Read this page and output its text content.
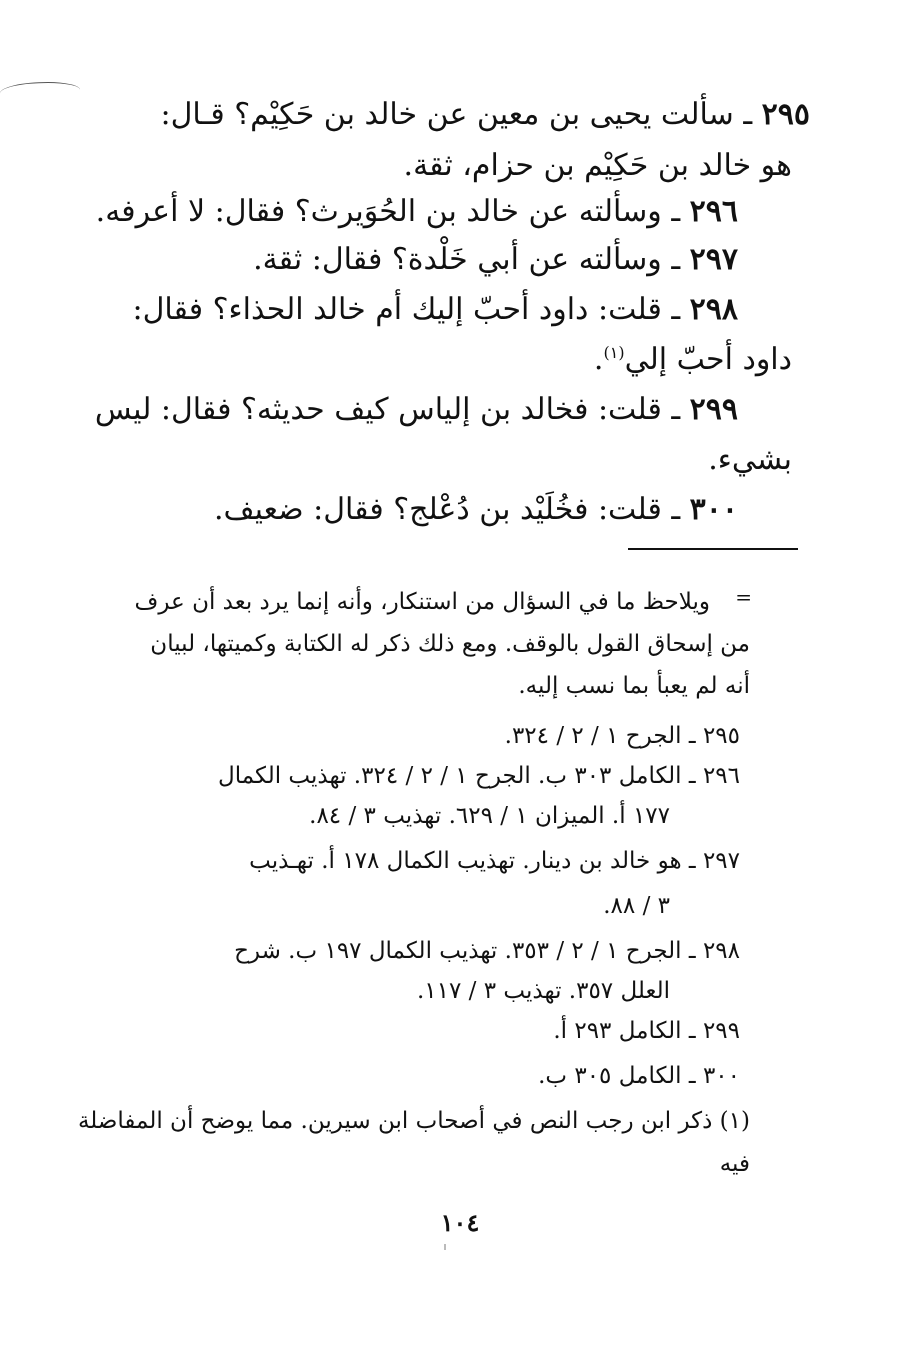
٢٩٥ ـ سألت يحيى بن معين عن خالد بن حَكِيْم؟ قـال:
هو خالد بن حَكِيْم بن حزام، ثقة.
٢٩٦ ـ وسألته عن خالد بن الحُوَيرث؟ فقال: لا أعرفه.
٢٩٧ ـ وسألته عن أبي خَلْدة؟ فقال: ثقة.
٢٩٨ ـ قلت: داود أحبّ إليك أم خالد الحذاء؟ فقال:
داود أحبّ إلي$^{(١)}$.
٢٩٩ ـ قلت: فخالد بن إلياس كيف حديثه؟ فقال: ليس
بشيء.
٣٠٠ ـ قلت: فخُلَيْد بن دُعْلج؟ فقال: ضعيف.
=
ويلاحظ ما في السؤال من استنكار، وأنه إنما يرد بعد أن عرف
من إسحاق القول بالوقف. ومع ذلك ذكر له الكتابة وكميتها، لبيان
أنه لم يعبأ بما نسب إليه.
٢٩٥ ـ الجرح ١ / ٢ / ٣٢٤.
٢٩٦ ـ الكامل ٣٠٣ ب. الجرح ١ / ٢ / ٣٢٤. تهذيب الكمال
١٧٧ أ. الميزان ١ / ٦٢٩. تهذيب ٣ / ٨٤.
٢٩٧ ـ هو خالد بن دينار. تهذيب الكمال ١٧٨ أ. تهـذيب
٣ / ٨٨.
٢٩٨ ـ الجرح ١ / ٢ / ٣٥٣. تهذيب الكمال ١٩٧ ب. شرح
العلل ٣٥٧. تهذيب ٣ / ١١٧.
٢٩٩ ـ الكامل ٢٩٣ أ.
٣٠٠ ـ الكامل ٣٠٥ ب.
(١) ذكر ابن رجب النص في أصحاب ابن سيرين. مما يوضح أن المفاضلة
فيه
١٠٤
